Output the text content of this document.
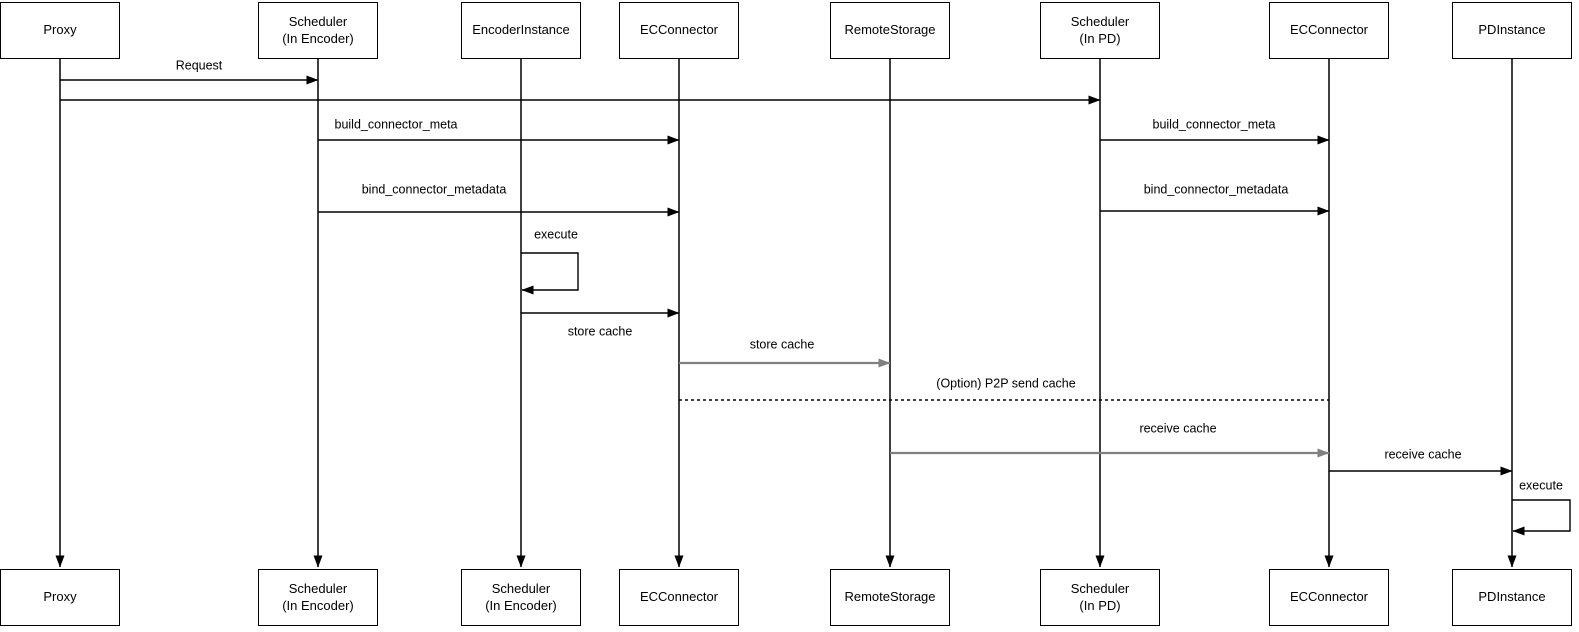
Proxy
Proxy
Scheduler
(In Encoder)
Scheduler
(In Encoder)
EncoderInstance
Scheduler
(In Encoder)
ECConnector
ECConnector
RemoteStorage
RemoteStorage
Scheduler
(In PD)
Scheduler
(In PD)
ECConnector
ECConnector
PDInstance
PDInstance
Request
build_connector_meta	build_connector_meta
bind_connector_metadata	bind_connector_metadata
execute
store cache
store cache
(Option) P2P send cache
receive cache
receive cache
execute
